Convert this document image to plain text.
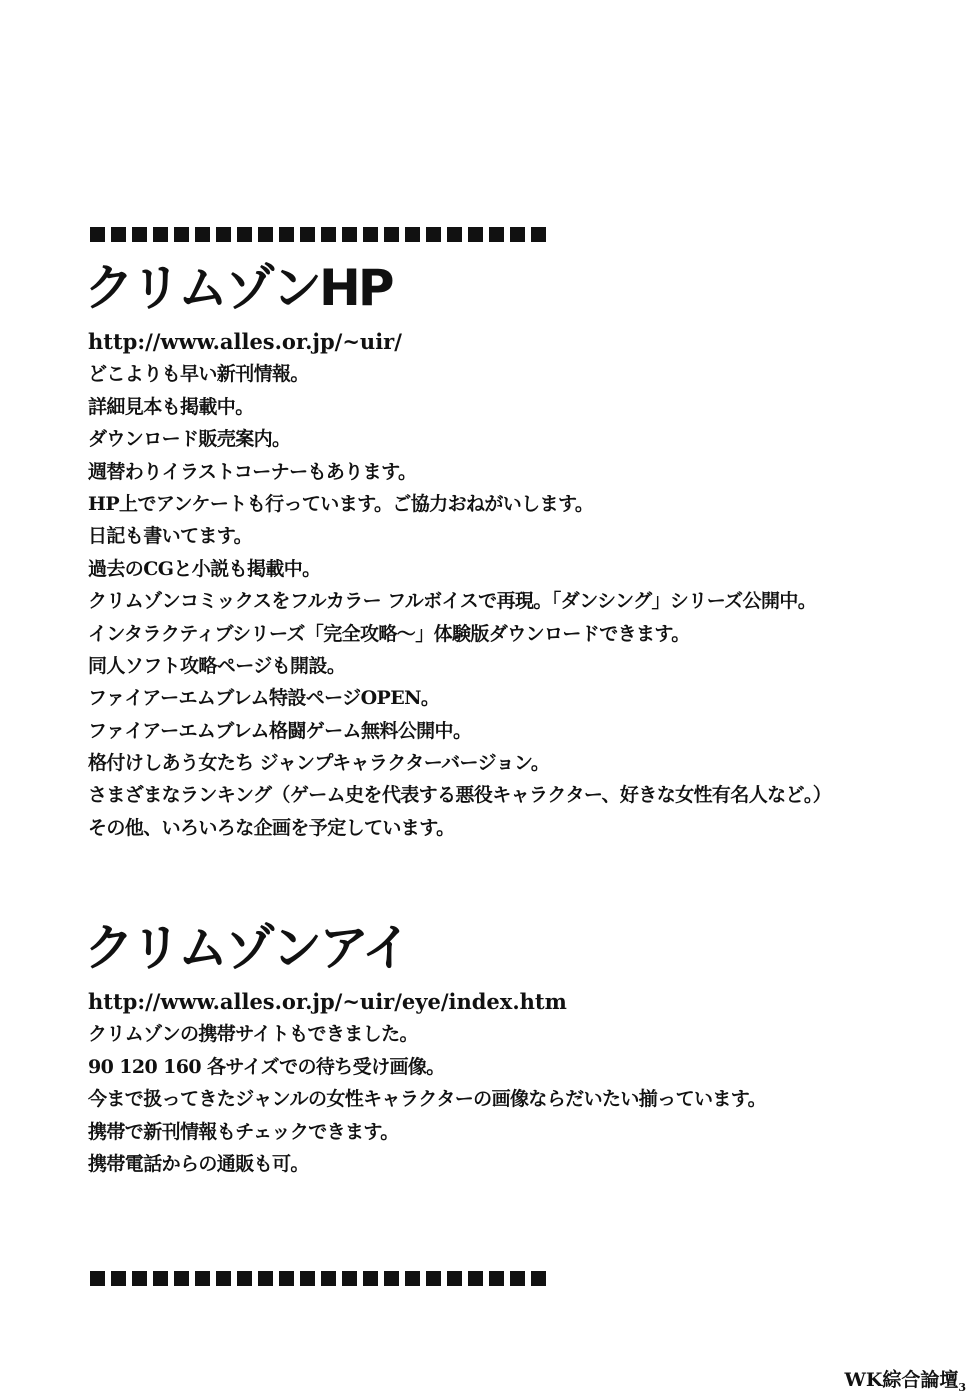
クリムゾンHP
http://www.alles.or.jp/~uir/
どこよりも早い新刊情報。
詳細見本も掲載中。
ダウンロード販売案内。
週替わりイラストコーナーもあります。
HP上でアンケートも行っています。ご協力おねがいします。
日記も書いてます。
過去のCGと小説も掲載中。
クリムゾンコミックスをフルカラー フルボイスで再現。「ダンシング」シリーズ公開中。
インタラクティブシリーズ「完全攻略～」体験版ダウンロードできます。
同人ソフト攻略ページも開設。
ファイアーエムブレム特設ページOPEN。
ファイアーエムブレム格闘ゲーム無料公開中。
格付けしあう女たち ジャンプキャラクターバージョン。
さまざまなランキング（ゲーム史を代表する悪役キャラクター、好きな女性有名人など。）
その他、いろいろな企画を予定しています。
クリムゾンアイ
http://www.alles.or.jp/~uir/eye/index.htm
クリムゾンの携帯サイトもできました。
90 120 160 各サイズでの待ち受け画像。
今まで扱ってきたジャンルの女性キャラクターの画像ならだいたい揃っています。
携帯で新刊情報もチェックできます。
携帯電話からの通販も可。
WK綜合論壇$_3$
